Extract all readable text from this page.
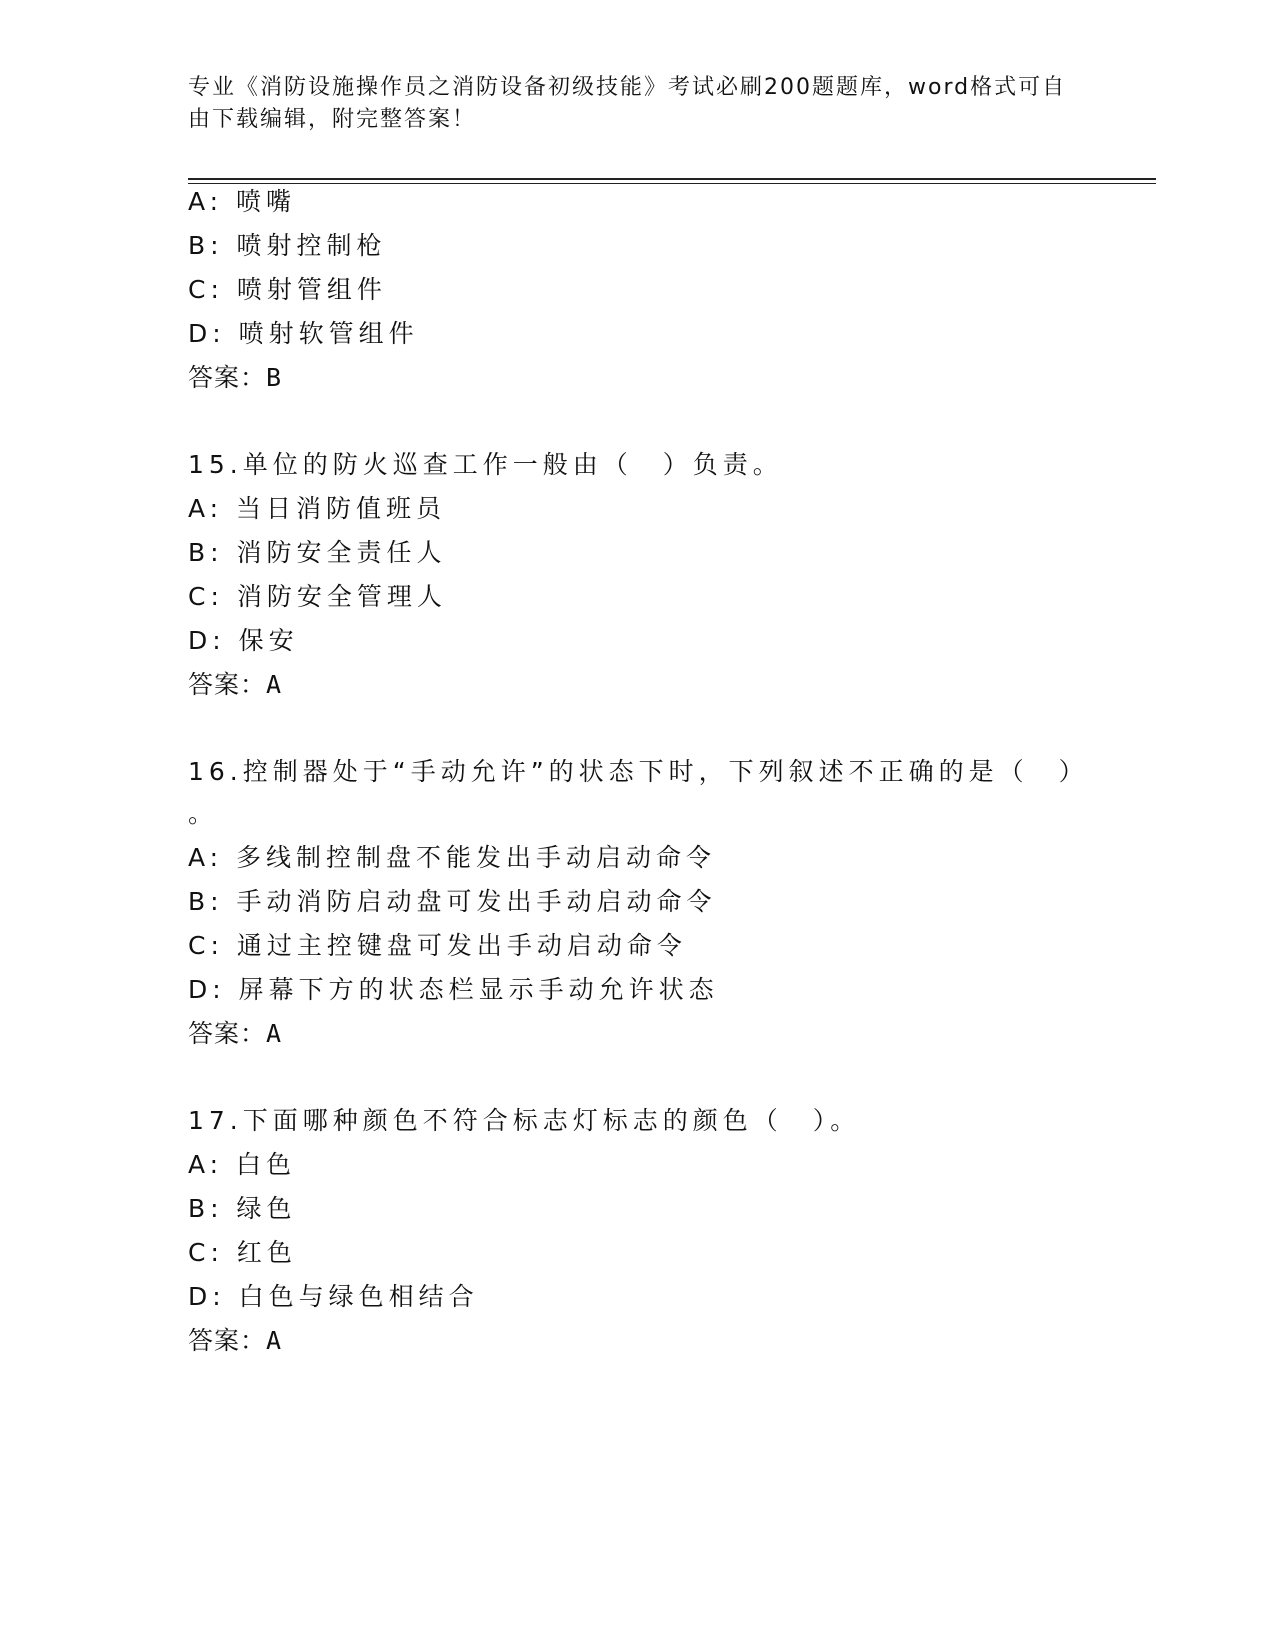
专业《消防设施操作员之消防设备初级技能》考试必刷200题题库，word格式可自由下载编辑，附完整答案！
A: 喷嘴
B: 喷射控制枪
C: 喷射管组件
D: 喷射软管组件
答案：B
15.单位的防火巡查工作一般由（　）负责。
A: 当日消防值班员
B: 消防安全责任人
C: 消防安全管理人
D: 保安
答案：A
16.控制器处于“手动允许”的状态下时，下列叙述不正确的是（　）
。
A: 多线制控制盘不能发出手动启动命令
B: 手动消防启动盘可发出手动启动命令
C: 通过主控键盘可发出手动启动命令
D: 屏幕下方的状态栏显示手动允许状态
答案：A
17.下面哪种颜色不符合标志灯标志的颜色（　）。
A: 白色
B: 绿色
C: 红色
D: 白色与绿色相结合
答案：A
